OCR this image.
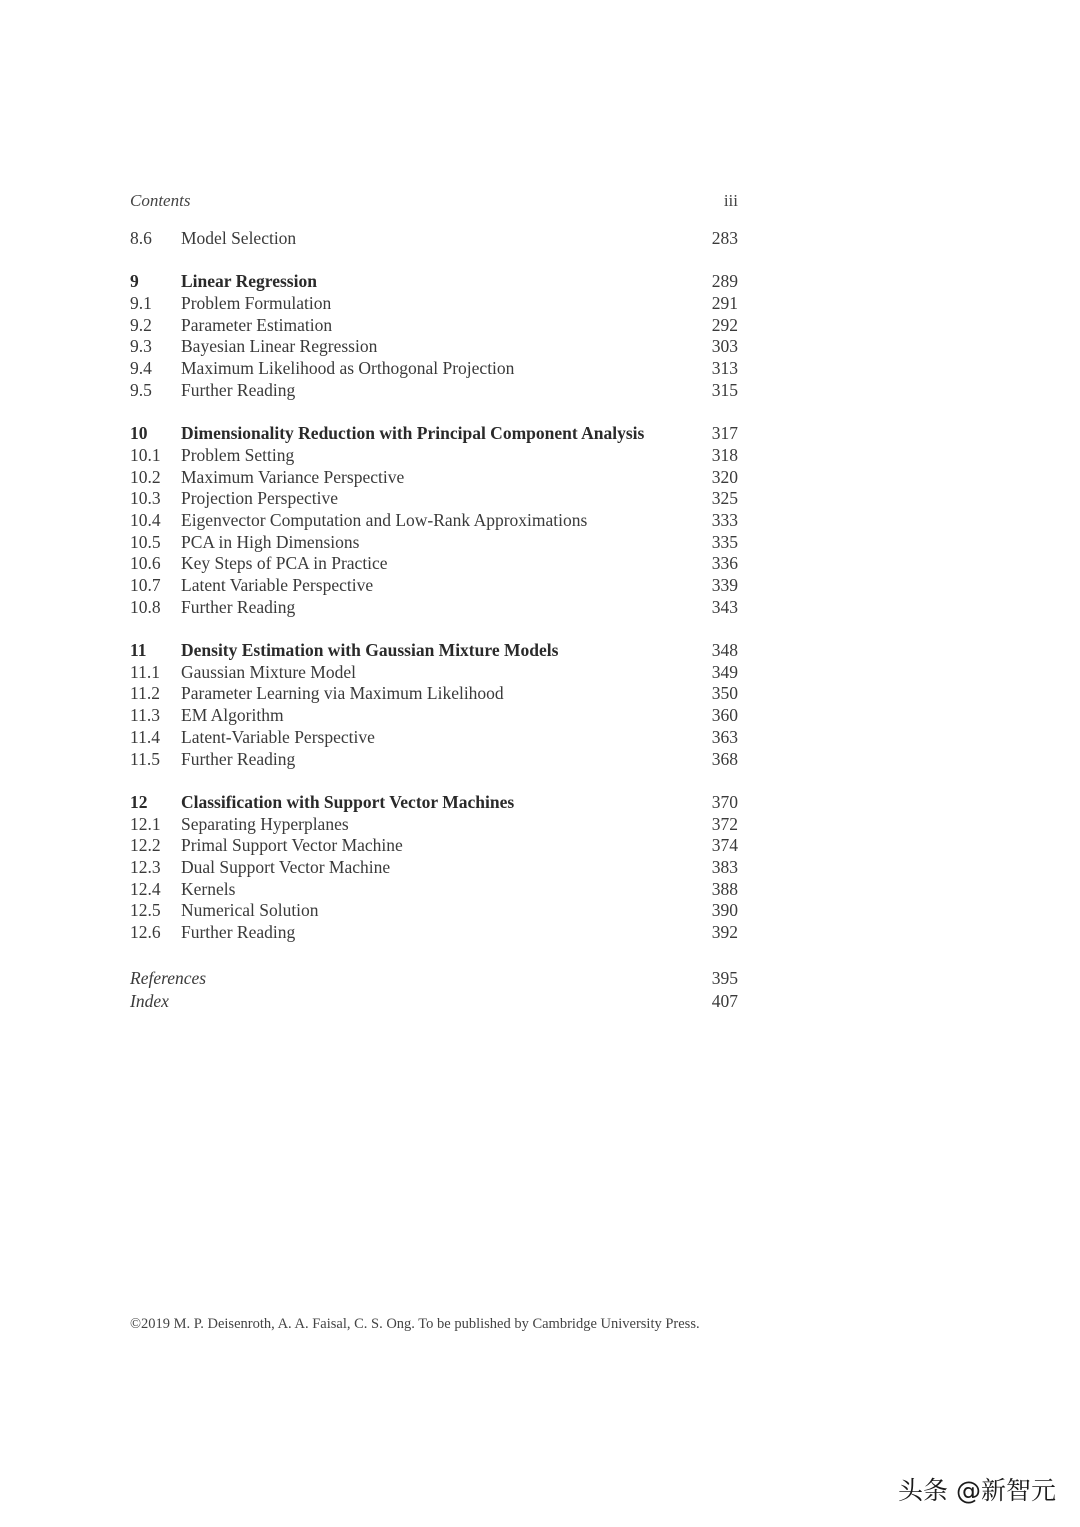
Contents	iii
8.6	Model Selection	283
9	Linear Regression	289
9.1	Problem Formulation	291
9.2	Parameter Estimation	292
9.3	Bayesian Linear Regression	303
9.4	Maximum Likelihood as Orthogonal Projection	313
9.5	Further Reading	315
10	Dimensionality Reduction with Principal Component Analysis	317
10.1	Problem Setting	318
10.2	Maximum Variance Perspective	320
10.3	Projection Perspective	325
10.4	Eigenvector Computation and Low-Rank Approximations	333
10.5	PCA in High Dimensions	335
10.6	Key Steps of PCA in Practice	336
10.7	Latent Variable Perspective	339
10.8	Further Reading	343
11	Density Estimation with Gaussian Mixture Models	348
11.1	Gaussian Mixture Model	349
11.2	Parameter Learning via Maximum Likelihood	350
11.3	EM Algorithm	360
11.4	Latent-Variable Perspective	363
11.5	Further Reading	368
12	Classification with Support Vector Machines	370
12.1	Separating Hyperplanes	372
12.2	Primal Support Vector Machine	374
12.3	Dual Support Vector Machine	383
12.4	Kernels	388
12.5	Numerical Solution	390
12.6	Further Reading	392
References	395
Index	407
©2019 M. P. Deisenroth, A. A. Faisal, C. S. Ong. To be published by Cambridge University Press.
头条 @新智元
